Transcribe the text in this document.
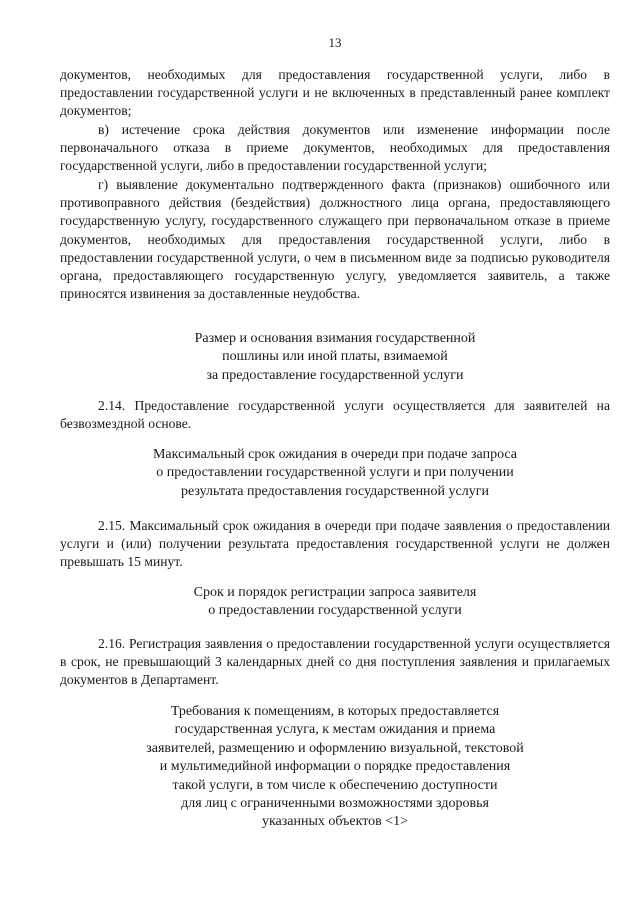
13

документов, необходимых для предоставления государственной услуги, либо в предоставлении государственной услуги и не включенных в представленный ранее комплект документов;

в) истечение срока действия документов или изменение информации после первоначального отказа в приеме документов, необходимых для предоставления государственной услуги, либо в предоставлении государственной услуги;

г) выявление документально подтвержденного факта (признаков) ошибочного или противоправного действия (бездействия) должностного лица органа, предоставляющего государственную услугу, государственного служащего при первоначальном отказе в приеме документов, необходимых для предоставления государственной услуги, либо в предоставлении государственной услуги, о чем в письменном виде за подписью руководителя органа, предоставляющего государственную услугу, уведомляется заявитель, а также приносятся извинения за доставленные неудобства.

Размер и основания взимания государственной
пошлины или иной платы, взимаемой
за предоставление государственной услуги

2.14. Предоставление государственной услуги осуществляется для заявителей на безвозмездной основе.

Максимальный срок ожидания в очереди при подаче запроса
о предоставлении государственной услуги и при получении
результата предоставления государственной услуги

2.15. Максимальный срок ожидания в очереди при подаче заявления о предоставлении услуги и (или) получении результата предоставления государственной услуги не должен превышать 15 минут.

Срок и порядок регистрации запроса заявителя
о предоставлении государственной услуги

2.16. Регистрация заявления о предоставлении государственной услуги осуществляется в срок, не превышающий 3 календарных дней со дня поступления заявления и прилагаемых документов в Департамент.

Требования к помещениям, в которых предоставляется
государственная услуга, к местам ожидания и приема
заявителей, размещению и оформлению визуальной, текстовой
и мультимедийной информации о порядке предоставления
такой услуги, в том числе к обеспечению доступности
для лиц с ограниченными возможностями здоровья
указанных объектов <1>
